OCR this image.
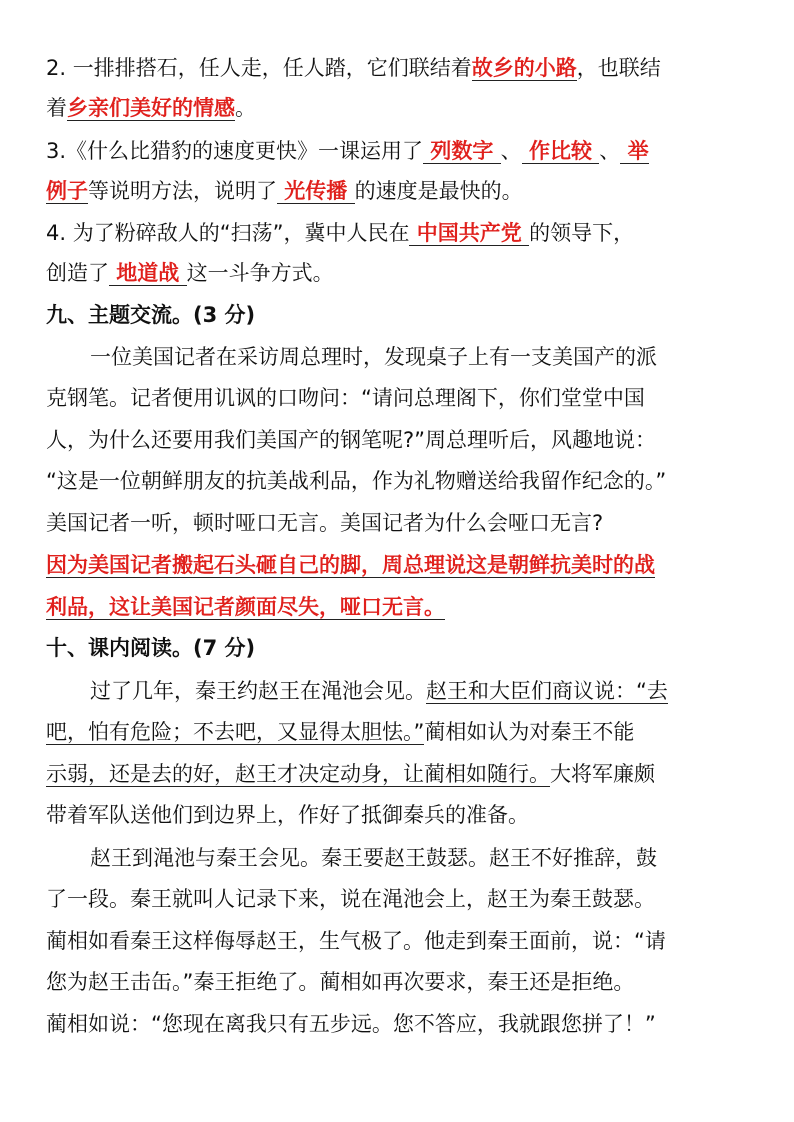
2. 一排排搭石，任人走，任人踏，它们联结着故乡的小路，也联结
着乡亲们美好的情感。
3.《什么比猎豹的速度更快》一课运用了 列数字 、 作比较 、 举
例子等说明方法，说明了 光传播 的速度是最快的。
4. 为了粉碎敌人的“扫荡”，冀中人民在 中国共产党 的领导下，
创造了 地道战 这一斗争方式。
九、主题交流。(3 分)
一位美国记者在采访周总理时，发现桌子上有一支美国产的派
克钢笔。记者便用讥讽的口吻问：“请问总理阁下，你们堂堂中国
人，为什么还要用我们美国产的钢笔呢?”周总理听后，风趣地说：
“这是一位朝鲜朋友的抗美战利品，作为礼物赠送给我留作纪念的。”
美国记者一听，顿时哑口无言。美国记者为什么会哑口无言?
因为美国记者搬起石头砸自己的脚，周总理说这是朝鲜抗美时的战
利品，这让美国记者颜面尽失，哑口无言。
十、课内阅读。(7 分)
过了几年，秦王约赵王在渑池会见。赵王和大臣们商议说：“去
吧，怕有危险；不去吧，又显得太胆怯。”蔺相如认为对秦王不能
示弱，还是去的好，赵王才决定动身，让蔺相如随行。大将军廉颇
带着军队送他们到边界上，作好了抵御秦兵的准备。
赵王到渑池与秦王会见。秦王要赵王鼓瑟。赵王不好推辞，鼓
了一段。秦王就叫人记录下来，说在渑池会上，赵王为秦王鼓瑟。
蔺相如看秦王这样侮辱赵王，生气极了。他走到秦王面前，说：“请
您为赵王击缶。”秦王拒绝了。蔺相如再次要求，秦王还是拒绝。
蔺相如说：“您现在离我只有五步远。您不答应，我就跟您拼了！”
